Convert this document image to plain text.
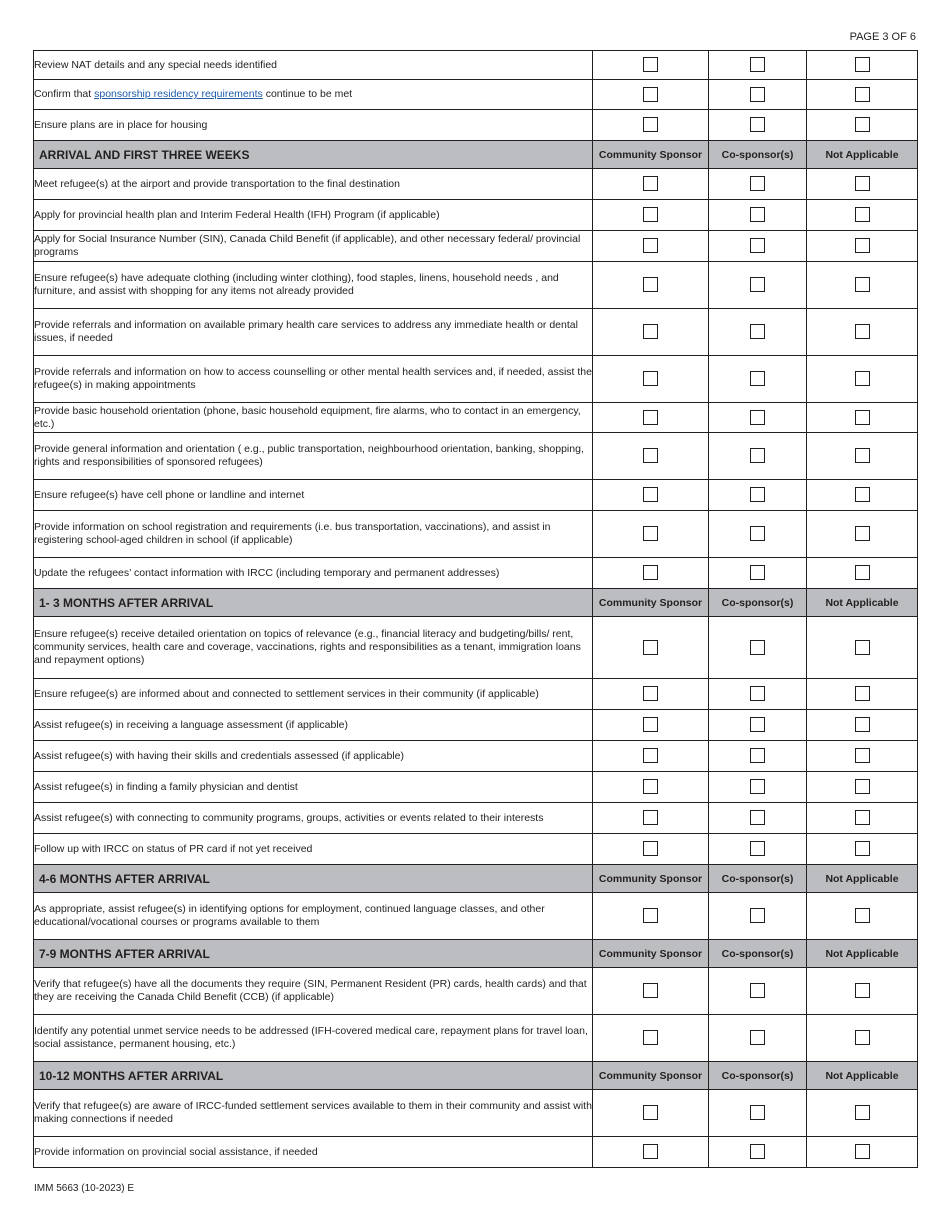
PAGE 3 OF 6
Review NAT details and any special needs identified			
Confirm that sponsorship residency requirements continue to be met			
Ensure plans are in place for housing			
ARRIVAL AND FIRST THREE WEEKS	Community Sponsor	Co-sponsor(s)	Not Applicable
Meet refugee(s) at the airport and provide transportation to the final destination			
Apply for provincial health plan and Interim Federal Health (IFH) Program (if applicable)			
Apply for Social Insurance Number (SIN), Canada Child Benefit (if applicable), and other necessary federal/ provincial programs			
Ensure refugee(s) have adequate clothing (including winter clothing), food staples, linens, household needs , and furniture, and assist with shopping for any items not already provided			
Provide referrals and information on available primary health care services to address any immediate health or dental issues, if needed			
Provide referrals and information on how to access counselling or other mental health services and, if needed, assist the refugee(s) in making appointments			
Provide basic household orientation (phone, basic household equipment, fire alarms, who to contact in an emergency, etc.)			
Provide general information and orientation ( e.g., public transportation, neighbourhood orientation, banking, shopping, rights and responsibilities of sponsored refugees)			
Ensure refugee(s) have cell phone or landline and internet			
Provide information on school registration and requirements (i.e. bus transportation, vaccinations), and assist in registering school-aged children in school (if applicable)			
Update the refugees’ contact information with IRCC (including temporary and permanent addresses)			
1- 3 MONTHS AFTER ARRIVAL	Community Sponsor	Co-sponsor(s)	Not Applicable
Ensure refugee(s) receive detailed orientation on topics of relevance (e.g., financial literacy and budgeting/bills/ rent, community services, health care and coverage, vaccinations, rights and responsibilities as a tenant, immigration loans and repayment options)			
Ensure refugee(s) are informed about and connected to settlement services in their community (if applicable)			
Assist refugee(s) in receiving a language assessment (if applicable)			
Assist refugee(s) with having their skills and credentials assessed (if applicable)			
Assist refugee(s) in finding a family physician and dentist			
Assist refugee(s) with connecting to community programs, groups, activities or events related to their interests			
Follow up with IRCC on status of PR card if not yet received			
4-6 MONTHS AFTER ARRIVAL	Community Sponsor	Co-sponsor(s)	Not Applicable
As appropriate, assist refugee(s) in identifying options for employment, continued language classes, and other educational/vocational courses or programs available to them			
7-9 MONTHS AFTER ARRIVAL	Community Sponsor	Co-sponsor(s)	Not Applicable
Verify that refugee(s) have all the documents they require (SIN, Permanent Resident (PR) cards, health cards) and that they are receiving the Canada Child Benefit (CCB) (if applicable)			
Identify any potential unmet service needs to be addressed (IFH-covered medical care, repayment plans for travel loan, social assistance, permanent housing, etc.)			
10-12 MONTHS AFTER ARRIVAL	Community Sponsor	Co-sponsor(s)	Not Applicable
Verify that refugee(s) are aware of IRCC-funded settlement services available to them in their community and assist with making connections if needed			
Provide information on provincial social assistance, if needed			
IMM 5663 (10-2023) E
